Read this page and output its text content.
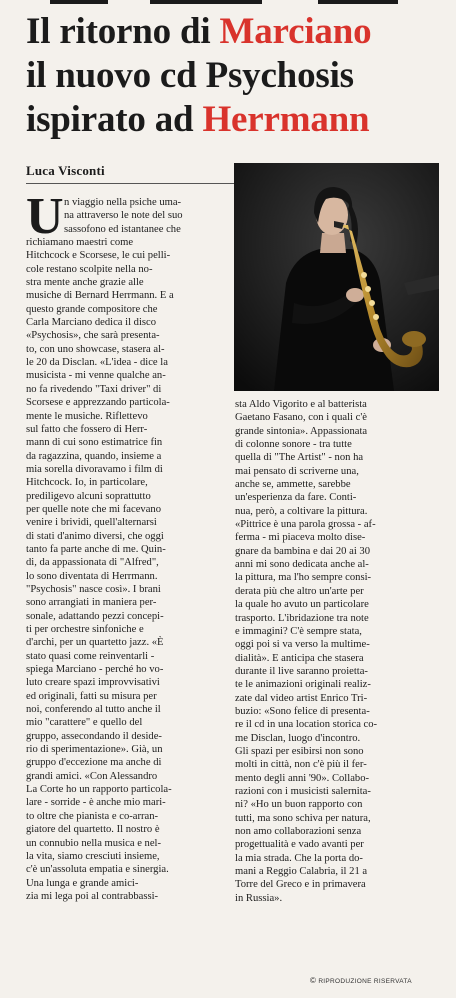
Il ritorno di Marciano
il nuovo cd Psychosis
ispirato ad Herrmann
Luca Visconti
U n viaggio nella psiche uma-
na attraverso le note del suo
sassofono ed istantanee che
richiamano maestri come
Hitchcock e Scorsese, le cui pelli-
cole restano scolpite nella no-
stra mente anche grazie alle
musiche di Bernard Herrmann. E a
questo grande compositore che
Carla Marciano dedica il disco
«Psychosis», che sarà presenta-
to, con uno showcase, stasera al-
le 20 da Disclan. «L'idea - dice la
musicista - mi venne qualche an-
no fa rivedendo "Taxi driver" di
Scorsese e apprezzando particola-
mente le musiche. Riflettevo
sul fatto che fossero di Herr-
mann di cui sono estimatrice fin
da ragazzina, quando, insieme a
mia sorella divoravamo i film di
Hitchcock. Io, in particolare,
prediligevo alcuni soprattutto
per quelle note che mi facevano
venire i brividi, quell'alternarsi
di stati d'animo diversi, che oggi
tanto fa parte anche di me. Quin-
di, da appassionata di "Alfred",
lo sono diventata di Herrmann.
"Psychosis" nasce così». I brani
sono arrangiati in maniera per-
sonale, adattando pezzi concepi-
ti per orchestre sinfoniche e
d'archi, per un quartetto jazz. «È
stato quasi come reinventarli -
spiega Marciano - perché ho vo-
luto creare spazi improvvisativi
ed originali, fatti su misura per
noi, conferendo al tutto anche il
mio "carattere" e quello del
gruppo, assecondando il deside-
rio di sperimentazione». Già, un
gruppo d'eccezione ma anche di
grandi amici. «Con Alessandro
La Corte ho un rapporto particola-
lare - sorride - è anche mio mari-
to oltre che pianista e co-arran-
giatore del quartetto. Il nostro è
un connubio nella musica e nel-
la vita, siamo cresciuti insieme,
c'è un'assoluta empatia e sinergia.
Una lunga e grande amici-
zia mi lega poi al contrabbassi-
sta Aldo Vigorito e al batterista
Gaetano Fasano, con i quali c'è
grande sintonia». Appassionata
di colonne sonore - tra tutte
quella di "The Artist" - non ha
mai pensato di scriverne una,
anche se, ammette, sarebbe
un'esperienza da fare. Conti-
nua, però, a coltivare la pittura.
«Pittrice è una parola grossa - af-
ferma - mi piaceva molto dise-
gnare da bambina e dai 20 ai 30
anni mi sono dedicata anche al-
la pittura, ma l'ho sempre consi-
derata più che altro un'arte per
la quale ho avuto un particolare
trasporto. L'ibridazione tra note
e immagini? C'è sempre stata,
oggi poi si va verso la multime-
dialità». E anticipa che stasera
durante il live saranno proietta-
te le animazioni originali realiz-
zate dal video artist Enrico Tri-
buzio: «Sono felice di presenta-
re il cd in una location storica co-
me Disclan, luogo d'incontro.
Gli spazi per esibirsi non sono
molti in città, non c'è più il fer-
mento degli anni '90». Collabo-
razioni con i musicisti salernita-
ni? «Ho un buon rapporto con
tutti, ma sono schiva per natura,
non amo collaborazioni senza
progettualità e vado avanti per
la mia strada. Che la porta do-
mani a Reggio Calabria, il 21 a
Torre del Greco e in primavera
in Russia».
© RIPRODUZIONE RISERVATA
